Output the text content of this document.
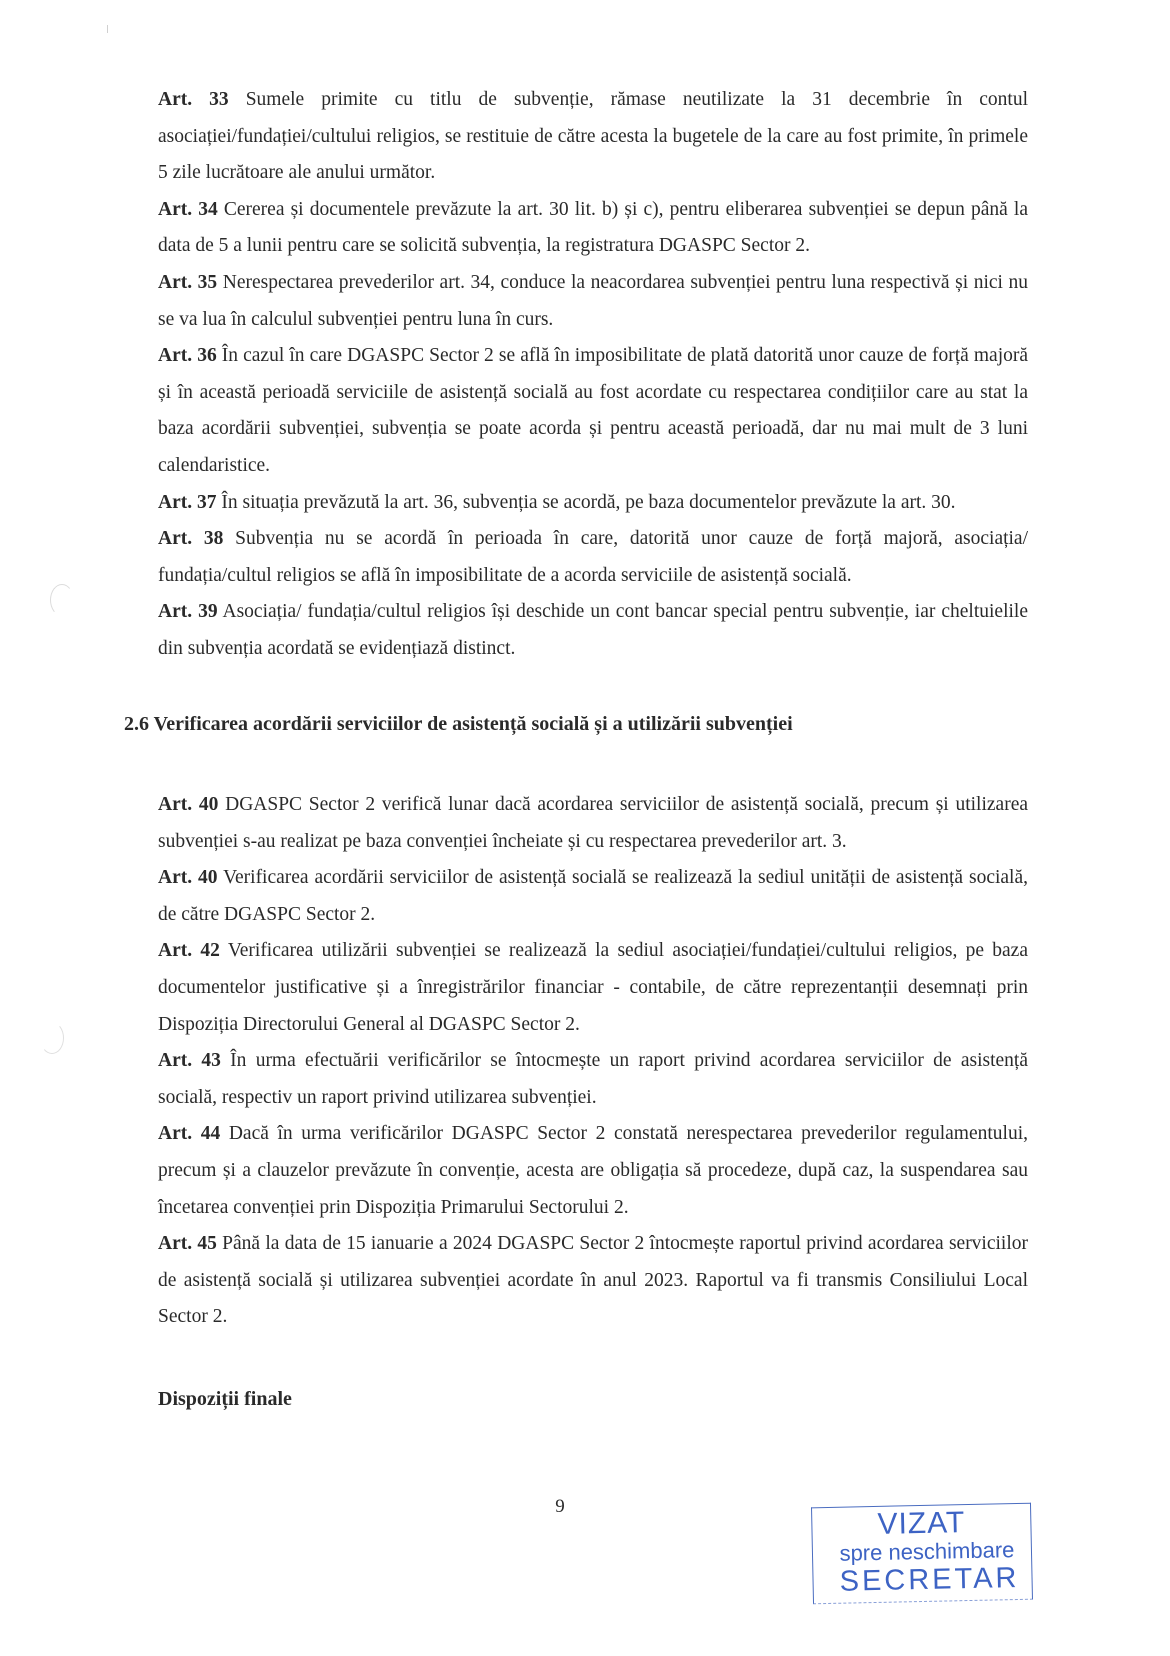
Art. 33 Sumele primite cu titlu de subvenție, rămase neutilizate la 31 decembrie în contul asociației/fundației/cultului religios, se restituie de către acesta la bugetele de la care au fost primite, în primele 5 zile lucrătoare ale anului următor.

Art. 34 Cererea și documentele prevăzute la art. 30 lit. b) și c), pentru eliberarea subvenției se depun până la data de 5 a lunii pentru care se solicită subvenția, la registratura DGASPC Sector 2.

Art. 35 Nerespectarea prevederilor art. 34, conduce la neacordarea subvenției pentru luna respectivă și nici nu se va lua în calculul subvenției pentru luna în curs.

Art. 36 În cazul în care DGASPC Sector 2 se află în imposibilitate de plată datorită unor cauze de forță majoră și în această perioadă serviciile de asistență socială au fost acordate cu respectarea condițiilor care au stat la baza acordării subvenției, subvenția se poate acorda și pentru această perioadă, dar nu mai mult de 3 luni calendaristice.

Art. 37 În situația prevăzută la art. 36, subvenția se acordă, pe baza documentelor prevăzute la art. 30.

Art. 38 Subvenția nu se acordă în perioada în care, datorită unor cauze de forță majoră, asociația/ fundația/cultul religios se află în imposibilitate de a acorda serviciile de asistență socială.

Art. 39 Asociația/ fundația/cultul religios își deschide un cont bancar special pentru subvenție, iar cheltuielile din subvenția acordată se evidențiază distinct.

2.6 Verificarea acordării serviciilor de asistență socială și a utilizării subvenției

Art. 40 DGASPC Sector 2 verifică lunar dacă acordarea serviciilor de asistență socială, precum și utilizarea subvenției s-au realizat pe baza convenției încheiate și cu respectarea prevederilor art. 3.

Art. 40 Verificarea acordării serviciilor de asistență socială se realizează la sediul unității de asistență socială, de către DGASPC Sector 2.

Art. 42 Verificarea utilizării subvenției se realizează la sediul asociației/fundației/cultului religios, pe baza documentelor justificative și a înregistrărilor financiar - contabile, de către reprezentanții desemnați prin Dispoziția Directorului General al DGASPC Sector 2.

Art. 43 În urma efectuării verificărilor se întocmește un raport privind acordarea serviciilor de asistență socială, respectiv un raport privind utilizarea subvenției.

Art. 44 Dacă în urma verificărilor DGASPC Sector 2 constată nerespectarea prevederilor regulamentului, precum și a clauzelor prevăzute în convenție, acesta are obligația să procedeze, după caz, la suspendarea sau încetarea convenției prin Dispoziția Primarului Sectorului 2.

Art. 45 Până la data de 15 ianuarie a 2024 DGASPC Sector 2 întocmește raportul privind acordarea serviciilor de asistență socială și utilizarea subvenției acordate în anul 2023. Raportul va fi transmis Consiliului Local Sector 2.

Dispoziții finale
9	VIZAT
spre neschimbare
SECRETAR
